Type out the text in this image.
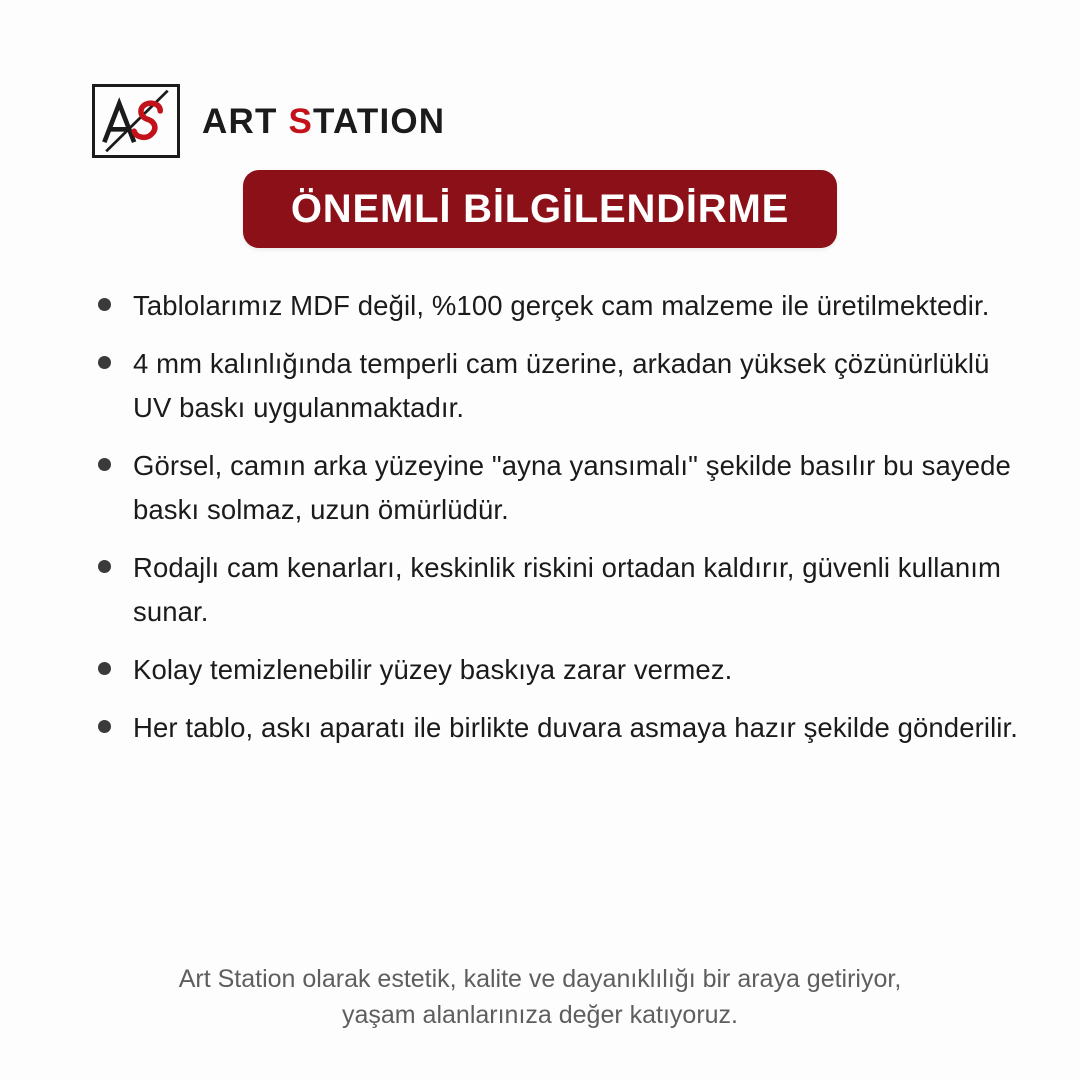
ART STATION
ÖNEMLİ BİLGİLENDİRME
Tablolarımız MDF değil, %100 gerçek cam malzeme ile üretilmektedir.
4 mm kalınlığında temperli cam üzerine, arkadan yüksek çözünürlüklü UV baskı uygulanmaktadır.
Görsel, camın arka yüzeyine "ayna yansımalı" şekilde basılır bu sayede baskı solmaz, uzun ömürlüdür.
Rodajlı cam kenarları, keskinlik riskini ortadan kaldırır, güvenli kullanım sunar.
Kolay temizlenebilir yüzey baskıya zarar vermez.
Her tablo, askı aparatı ile birlikte duvara asmaya hazır şekilde gönderilir.
Art Station olarak estetik, kalite ve dayanıklılığı bir araya getiriyor,
yaşam alanlarınıza değer katıyoruz.
